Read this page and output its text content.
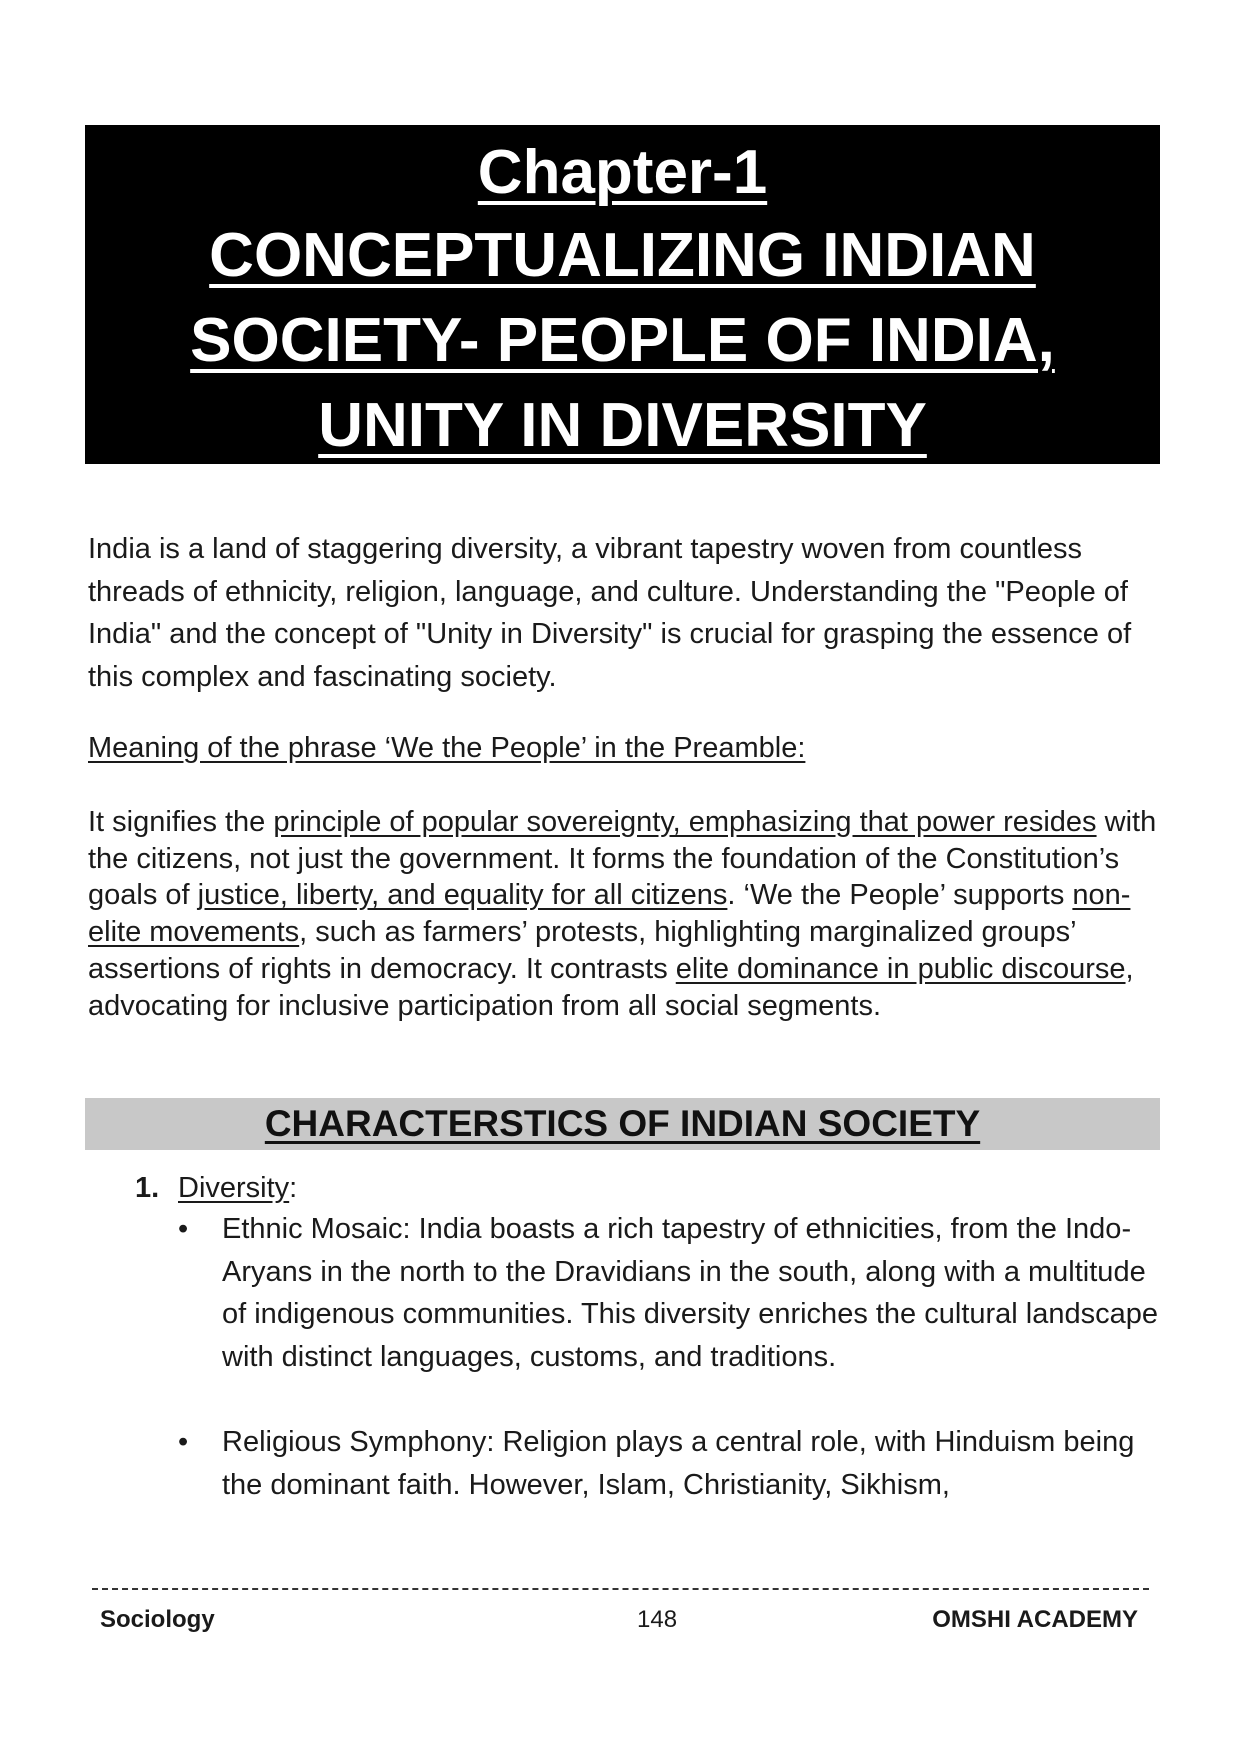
Chapter-1

CONCEPTUALIZING INDIAN

SOCIETY- PEOPLE OF INDIA,

UNITY IN DIVERSITY

India is a land of staggering diversity, a vibrant tapestry woven from countless threads of ethnicity, religion, language, and culture. Understanding the "People of India" and the concept of "Unity in Diversity" is crucial for grasping the essence of this complex and fascinating society.

Meaning of the phrase ‘We the People’ in the Preamble:

It signifies the principle of popular sovereignty, emphasizing that power resides with the citizens, not just the government. It forms the foundation of the Constitution’s goals of justice, liberty, and equality for all citizens. ‘We the People’ supports non-elite movements, such as farmers’ protests, highlighting marginalized groups’ assertions of rights in democracy. It contrasts elite dominance in public discourse, advocating for inclusive participation from all social segments.

CHARACTERSTICS OF INDIAN SOCIETY
1. Diversity:
• Ethnic Mosaic: India boasts a rich tapestry of ethnicities, from the Indo-Aryans in the north to the Dravidians in the south, along with a multitude of indigenous communities. This diversity enriches the cultural landscape with distinct languages, customs, and traditions.

• Religious Symphony: Religion plays a central role, with Hinduism being the dominant faith. However, Islam, Christianity, Sikhism,

Sociology	148	OMSHI ACADEMY
